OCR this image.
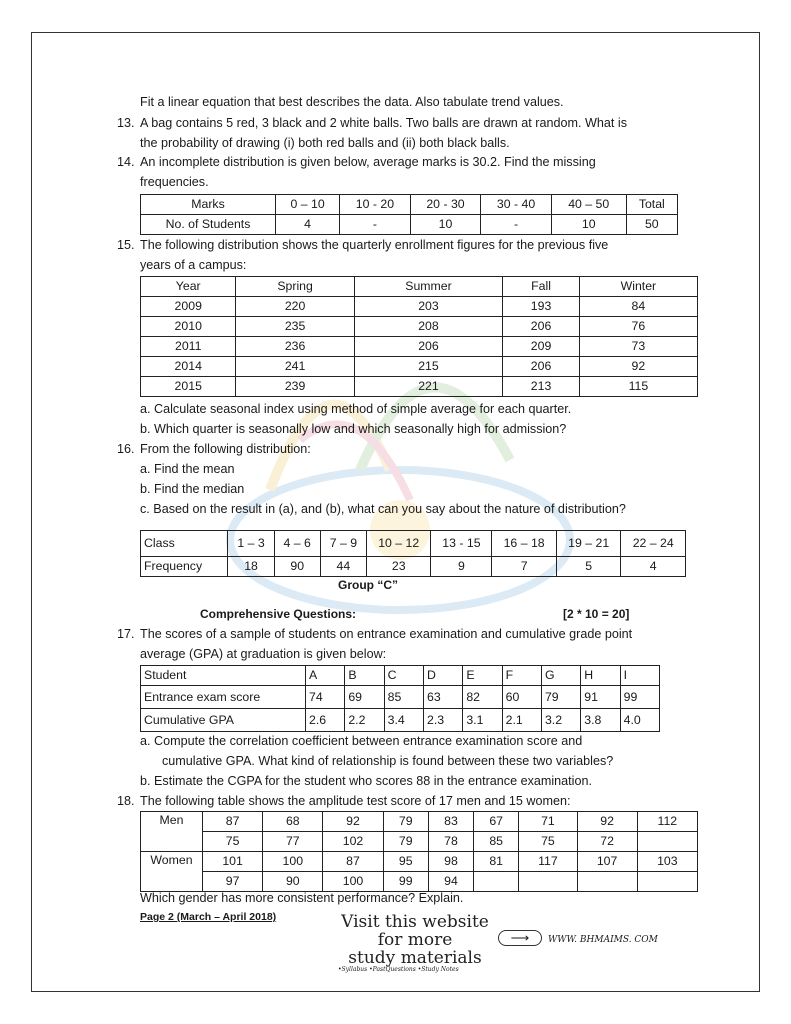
Fit a linear equation that best describes the data. Also tabulate trend values.
13. A bag contains 5 red, 3 black and 2 white balls. Two balls are drawn at random. What is
the probability of drawing (i) both red balls and (ii) both black balls.
14. An incomplete distribution is given below, average marks is 30.2. Find the missing
frequencies.
Marks	0 – 10	10 - 20	20 - 30	30 - 40	40 – 50	Total
No. of Students	4	-	10	-	10	50
15. The following distribution shows the quarterly enrollment figures for the previous five
years of a campus:
Year	Spring	Summer	Fall	Winter
2009	220	203	193	84
2010	235	208	206	76
2011	236	206	209	73
2014	241	215	206	92
2015	239	221	213	115
a. Calculate seasonal index using method of simple average for each quarter.
b. Which quarter is seasonally low and which seasonally high for admission?
16. From the following distribution:
a. Find the mean
b. Find the median
c. Based on the result in (a), and (b), what can you say about the nature of distribution?
Class	1 – 3	4 – 6	7 – 9	10 – 12	13 - 15	16 – 18	19 – 21	22 – 24
Frequency	18	90	44	23	9	7	5	4
Group “C”
Comprehensive Questions:	[2 * 10 = 20]
17. The scores of a sample of students on entrance examination and cumulative grade point
average (GPA) at graduation is given below:
Student	A	B	C	D	E	F	G	H	I
Entrance exam score	74	69	85	63	82	60	79	91	99
Cumulative GPA	2.6	2.2	3.4	2.3	3.1	2.1	3.2	3.8	4.0
a. Compute the correlation coefficient between entrance examination score and
cumulative GPA. What kind of relationship is found between these two variables?
b. Estimate the CGPA for the student who scores 88 in the entrance examination.
18. The following table shows the amplitude test score of 17 men and 15 women:
Men	87	68	92	79	83	67	71	92	112
	75	77	102	79	78	85	75	72	
Women	101	100	87	95	98	81	117	107	103
	97	90	100	99	94				
Which gender has more consistent performance? Explain.
Page 2 (March – April 2018)	Visit this website
for more
study materials
•Syllabus •PastQuestions •Study Notes
⟶	WWW. BHMAIMS. COM
